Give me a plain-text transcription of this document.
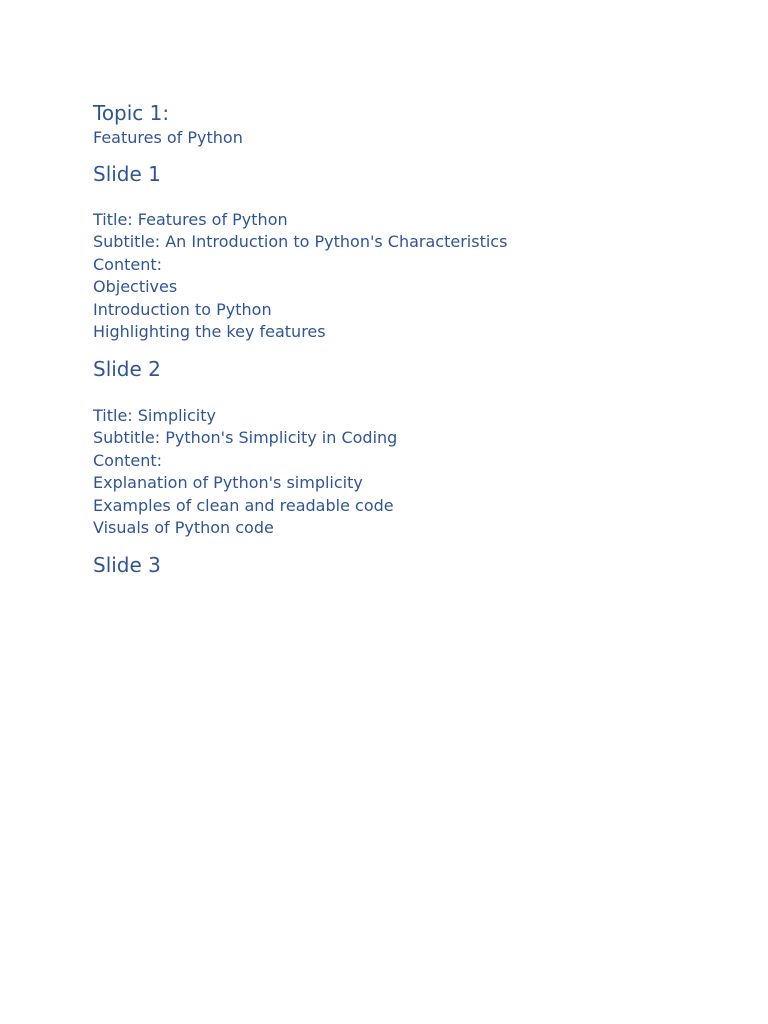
Topic 1:

Features of Python

Slide 1

Title: Features of Python

Subtitle: An Introduction to Python's Characteristics

Content:

Objectives

Introduction to Python

Highlighting the key features

Slide 2

Title: Simplicity

Subtitle: Python's Simplicity in Coding

Content:

Explanation of Python's simplicity

Examples of clean and readable code

Visuals of Python code

Slide 3
